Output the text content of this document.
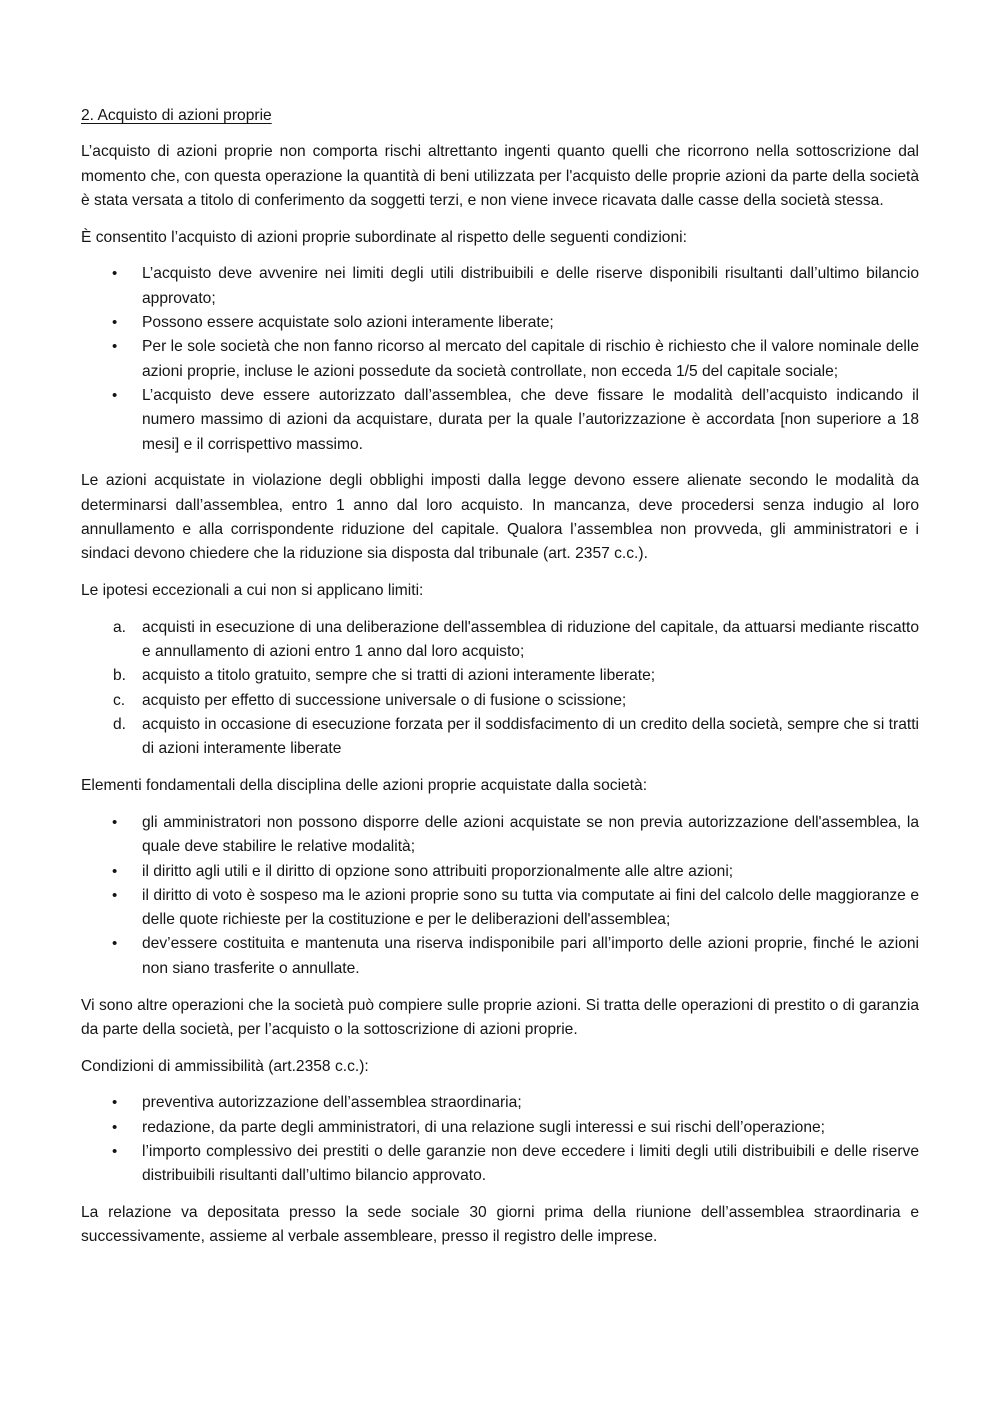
2. Acquisto di azioni proprie

L’acquisto di azioni proprie non comporta rischi altrettanto ingenti quanto quelli che ricorrono nella sottoscrizione dal momento che, con questa operazione la quantità di beni utilizzata per l'acquisto delle proprie azioni da parte della società è stata versata a titolo di conferimento da soggetti terzi, e non viene invece ricavata dalle casse della società stessa.

È consentito l’acquisto di azioni proprie subordinate al rispetto delle seguenti condizioni:

•	L’acquisto deve avvenire nei limiti degli utili distribuibili e delle riserve disponibili risultanti dall’ultimo bilancio approvato;
•	Possono essere acquistate solo azioni interamente liberate;
•	Per le sole società che non fanno ricorso al mercato del capitale di rischio è richiesto che il valore nominale delle azioni proprie, incluse le azioni possedute da società controllate, non ecceda 1/5 del capitale sociale;
•	L’acquisto deve essere autorizzato dall’assemblea, che deve fissare le modalità dell’acquisto indicando il numero massimo di azioni da acquistare, durata per la quale l’autorizzazione è accordata [non superiore a 18 mesi] e il corrispettivo massimo.

Le azioni acquistate in violazione degli obblighi imposti dalla legge devono essere alienate secondo le modalità da determinarsi dall’assemblea, entro 1 anno dal loro acquisto. In mancanza, deve procedersi senza indugio al loro annullamento e alla corrispondente riduzione del capitale. Qualora l’assemblea non provveda, gli amministratori e i sindaci devono chiedere che la riduzione sia disposta dal tribunale (art. 2357 c.c.).

Le ipotesi eccezionali a cui non si applicano limiti:

a. acquisti in esecuzione di una deliberazione dell'assemblea di riduzione del capitale, da attuarsi mediante riscatto e annullamento di azioni entro 1 anno dal loro acquisto;
b. acquisto a titolo gratuito, sempre che si tratti di azioni interamente liberate;
c. acquisto per effetto di successione universale o di fusione o scissione;
d. acquisto in occasione di esecuzione forzata per il soddisfacimento di un credito della società, sempre che si tratti di azioni interamente liberate

Elementi fondamentali della disciplina delle azioni proprie acquistate dalla società:

•	gli amministratori non possono disporre delle azioni acquistate se non previa autorizzazione dell'assemblea, la quale deve stabilire le relative modalità;
•	il diritto agli utili e il diritto di opzione sono attribuiti proporzionalmente alle altre azioni;
•	il diritto di voto è sospeso ma le azioni proprie sono su tutta via computate ai fini del calcolo delle maggioranze e delle quote richieste per la costituzione e per le deliberazioni dell'assemblea;
•	dev’essere costituita e mantenuta una riserva indisponibile pari all’importo delle azioni proprie, finché le azioni non siano trasferite o annullate.

Vi sono altre operazioni che la società può compiere sulle proprie azioni. Si tratta delle operazioni di prestito o di garanzia da parte della società, per l’acquisto o la sottoscrizione di azioni proprie.

Condizioni di ammissibilità (art.2358 c.c.):

•	preventiva autorizzazione dell’assemblea straordinaria;
•	redazione, da parte degli amministratori, di una relazione sugli interessi e sui rischi dell’operazione;
•	l’importo complessivo dei prestiti o delle garanzie non deve eccedere i limiti degli utili distribuibili e delle riserve distribuibili risultanti dall’ultimo bilancio approvato.

La relazione va depositata presso la sede sociale 30 giorni prima della riunione dell’assemblea straordinaria e successivamente, assieme al verbale assembleare, presso il registro delle imprese.
